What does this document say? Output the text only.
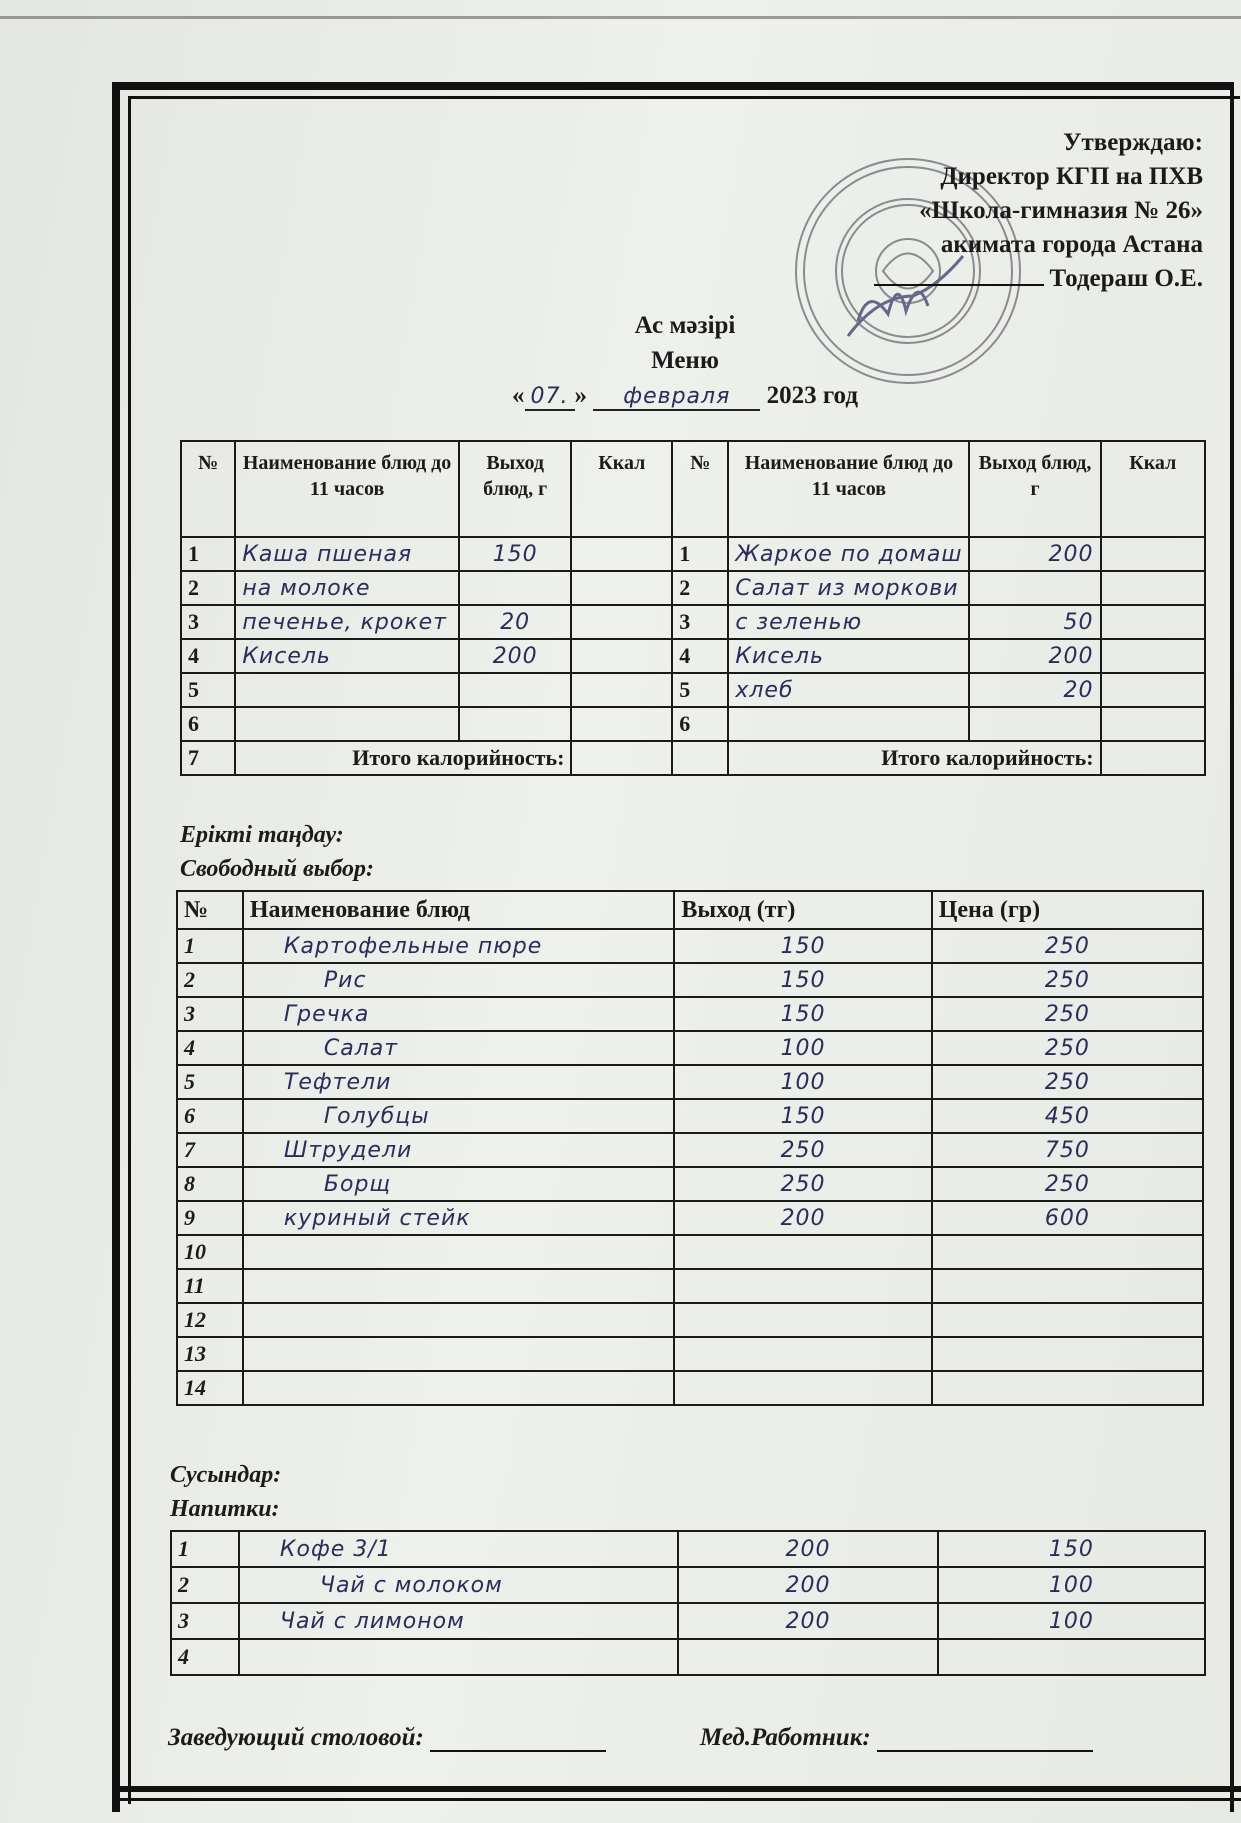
Утверждаю:
Директор КГП на ПХВ
«Школа-гимназия № 26»
акимата города Астана
Тодераш О.Е.
Ас мәзірі
Меню
« 07. » февраля 2023 год
№	Наименование блюд до 11 часов	Выход блюд, г	Ккал	№	Наименование блюд до 11 часов	Выход блюд, г	Ккал
1	Каша пшеная	150		1	Жаркое по домаш	200	
2	на молоке			2	Салат из моркови		
3	печенье, крокет	20		3	с зеленью	50	
4	Кисель	200		4	Кисель	200	
5				5	хлеб	20	
6				6			
7	Итого калорийность:				Итого калорийность:		
Ерікті таңдау:
Свободный выбор:
№	Наименование блюд	Выход (тг)	Цена (гр)
1	Картофельные пюре	150	250
2	Рис	150	250
3	Гречка	150	250
4	Салат	100	250
5	Тефтели	100	250
6	Голубцы	150	450
7	Штрудели	250	750
8	Борщ	250	250
9	куриный стейк	200	600
10			
11			
12			
13			
14			
Сусындар:
Напитки:
1	Кофе 3/1	200	150
2	Чай с молоком	200	100
3	Чай с лимоном	200	100
4			
Заведующий столовой:	Мед.Работник:
